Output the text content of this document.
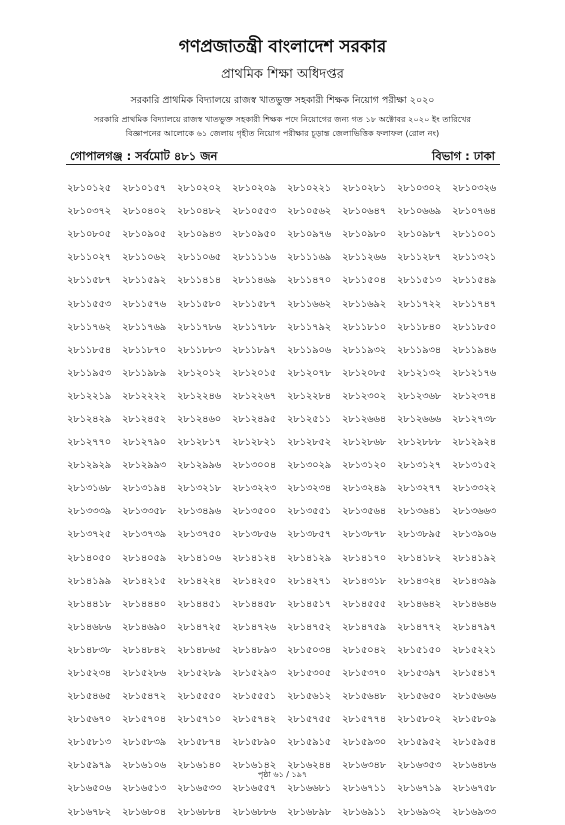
গণপ্রজাতন্ত্রী বাংলাদেশ সরকার
প্রাথমিক শিক্ষা অধিদপ্তর
সরকারি প্রাথমিক বিদ্যালয়ে রাজস্ব খাতভুক্ত সহকারী শিক্ষক নিয়োগ পরীক্ষা ২০২০
সরকারি প্রাথমিক বিদ্যালয়ে রাজস্ব খাতভুক্ত সহকারী শিক্ষক পদে নিয়োগের জন্য গত ১৮ অক্টোবর ২০২০ ইং তারিখের
বিজ্ঞাপনের আলোকে ৬১ জেলায় গৃহীত নিয়োগ পরীক্ষার চূড়ান্ত জেলাভিত্তিক ফলাফল (রোল নং)
গোপালগঞ্জ : সর্বমোট ৪৮১ জন	বিভাগ : ঢাকা
২৮১০১২৫	২৮১০১৫৭	২৮১০২০২	২৮১০২০৯	২৮১০২২১	২৮১০২৮১	২৮১০৩০২	২৮১০৩২৬
২৮১০৩৭২	২৮১০৪০২	২৮১০৪৮২	২৮১০৫৫৩	২৮১০৫৬২	২৮১০৬৪৭	২৮১০৬৬৯	২৮১০৭৬৪
২৮১০৮০৫	২৮১০৯০৫	২৮১০৯৪৩	২৮১০৯৫০	২৮১০৯৭৬	২৮১০৯৮০	২৮১০৯৮৭	২৮১১০০১
২৮১১০২৭	২৮১১০৬২	২৮১১০৬৫	২৮১১১১৬	২৮১১১৬৯	২৮১১২৬৬	২৮১১২৮৭	২৮১১৩২১
২৮১১৫৮৭	২৮১১৫৯২	২৮১১৪১৪	২৮১১৪৬৯	২৮১১৪৭০	২৮১১৫০৪	২৮১১৫১৩	২৮১১৫৪৯
২৮১১৫৫৩	২৮১১৫৭৬	২৮১১৫৮০	২৮১১৫৮৭	২৮১১৬৬২	২৮১১৬৯২	২৮১১৭২২	২৮১১৭৪৭
২৮১১৭৬২	২৮১১৭৬৯	২৮১১৭৮৬	২৮১১৭৮৮	২৮১১৭৯২	২৮১১৮১০	২৮১১৮৪০	২৮১১৮৫০
২৮১১৮৫৪	২৮১১৮৭০	২৮১১৮৮৩	২৮১১৮৯৭	২৮১১৯০৬	২৮১১৯৩২	২৮১১৯৩৪	২৮১১৯৪৬
২৮১১৯৫৩	২৮১১৯৮৯	২৮১২০১২	২৮১২০১৫	২৮১২০৭৮	২৮১২০৮৫	২৮১২১৩২	২৮১২১৭৬
২৮১২২১৯	২৮১২২২২	২৮১২২৪৬	২৮১২২৬৭	২৮১২২৮৪	২৮১২৩০২	২৮১২৩৬৮	২৮১২৩৭৪
২৮১২৪২৯	২৮১২৪৫২	২৮১২৪৬০	২৮১২৪৯৫	২৮১২৫১১	২৮১২৬৬৪	২৮১২৬৬৬	২৮১২৭৩৮
২৮১২৭৭০	২৮১২৭৯০	২৮১২৮১৭	২৮১২৮২১	২৮১২৮৫২	২৮১২৮৬৮	২৮১২৮৮৮	২৮১২৯২৪
২৮১২৯২৯	২৮১২৯৯৩	২৮১২৯৯৬	২৮১৩০০৪	২৮১৩০২৯	২৮১৩১২০	২৮১৩১২৭	২৮১৩১৫২
২৮১৩১৬৮	২৮১৩১৯৪	২৮১৩২১৮	২৮১৩২২৩	২৮১৩২৩৪	২৮১৩২৪৯	২৮১৩২৭৭	২৮১৩৩২২
২৮১৩৩৩৯	২৮১৩৩৫৮	২৮১৩৪৯৬	২৮১৩৫০০	২৮১৩৫৫১	২৮১৩৫৬৪	২৮১৩৬৪১	২৮১৩৬৬৩
২৮১৩৭২৫	২৮১৩৭৩৯	২৮১৩৭৫০	২৮১৩৮৫৬	২৮১৩৮৫৭	২৮১৩৮৭৮	২৮১৩৮৯৫	২৮১৩৯০৬
২৮১৪০৫০	২৮১৪০৫৯	২৮১৪১০৬	২৮১৪১২৪	২৮১৪১২৯	২৮১৪১৭০	২৮১৪১৮২	২৮১৪১৯২
২৮১৪১৯৯	২৮১৪২১৫	২৮১৪২২৪	২৮১৪২৫০	২৮১৪২৭১	২৮১৪৩১৮	২৮১৪৩২৪	২৮১৪৩৯৯
২৮১৪৪১৮	২৮১৪৪৪০	২৮১৪৪৫১	২৮১৪৪৫৮	২৮১৪৫১৭	২৮১৪৫৫৫	২৮১৪৬৪২	২৮১৪৬৪৬
২৮১৪৬৮৬	২৮১৪৬৯০	২৮১৪৭২৫	২৮১৪৭২৬	২৮১৪৭৫২	২৮১৪৭৫৯	২৮১৪৭৭২	২৮১৪৭৯৭
২৮১৪৮৩৮	২৮১৪৮৪২	২৮১৪৮৬৫	২৮১৪৮৯৩	২৮১৫০৩৪	২৮১৫০৪২	২৮১৫১৫০	২৮১৫২২১
২৮১৫২৩৪	২৮১৫২৮৬	২৮১৫২৮৯	২৮১৫২৯৩	২৮১৫৩০৫	২৮১৫৩৭০	২৮১৫৩৯৭	২৮১৫৪১৭
২৮১৫৪৬৫	২৮১৫৪৭২	২৮১৫৫৫০	২৮১৫৫৫১	২৮১৫৬১২	২৮১৫৬৪৮	২৮১৫৬৫০	২৮১৫৬৬৬
২৮১৫৬৭০	২৮১৫৭০৪	২৮১৫৭১০	২৮১৫৭৪২	২৮১৫৭৫৫	২৮১৫৭৭৪	২৮১৫৮০২	২৮১৫৮০৯
২৮১৫৮১৩	২৮১৫৮৩৯	২৮১৫৮৭৪	২৮১৫৮৯০	২৮১৫৯১৫	২৮১৫৯৩০	২৮১৫৯৫২	২৮১৫৯৫৪
২৮১৫৯৭৯	২৮১৬১০৬	২৮১৬১৪০	২৮১৬১৪২	২৮১৬২৪৪	২৮১৬৩৪৮	২৮১৬৩৫৩	২৮১৬৪৮৬
২৮১৬৫০৬	২৮১৬৫১৩	২৮১৬৫৩৩	২৮১৬৫৫৭	২৮১৬৬৮১	২৮১৬৭১১	২৮১৬৭১৯	২৮১৬৭৫৮
২৮১৬৭৮২	২৮১৬৮০৪	২৮১৬৮৮৪	২৮১৬৮৮৬	২৮১৬৮৯৮	২৮১৬৯১১	২৮১৬৯৩২	২৮১৬৯৩৩
পৃষ্ঠা ৬১ / ১৯৭
